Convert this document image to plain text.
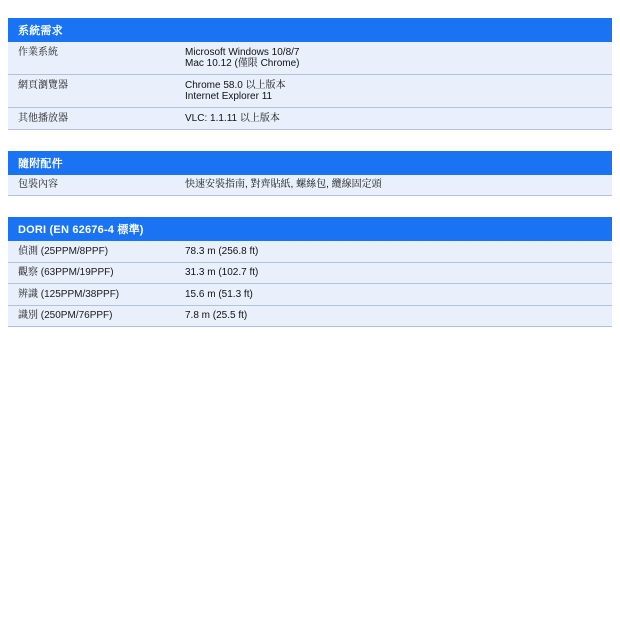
系統需求
作業系統	Microsoft Windows 10/8/7
Mac 10.12 (僅限 Chrome)
網頁瀏覽器	Chrome 58.0 以上版本
Internet Explorer 11
其他播放器	VLC: 1.1.11 以上版本
隨附配件
包裝內容	快速安裝指南, 對齊貼紙, 螺絲包, 纜線固定頭
DORI (EN 62676-4 標準)
偵測 (25PPM/8PPF)	78.3 m (256.8 ft)
觀察 (63PPM/19PPF)	31.3 m (102.7 ft)
辨識 (125PPM/38PPF)	15.6 m (51.3 ft)
識別 (250PM/76PPF)	7.8 m (25.5 ft)
